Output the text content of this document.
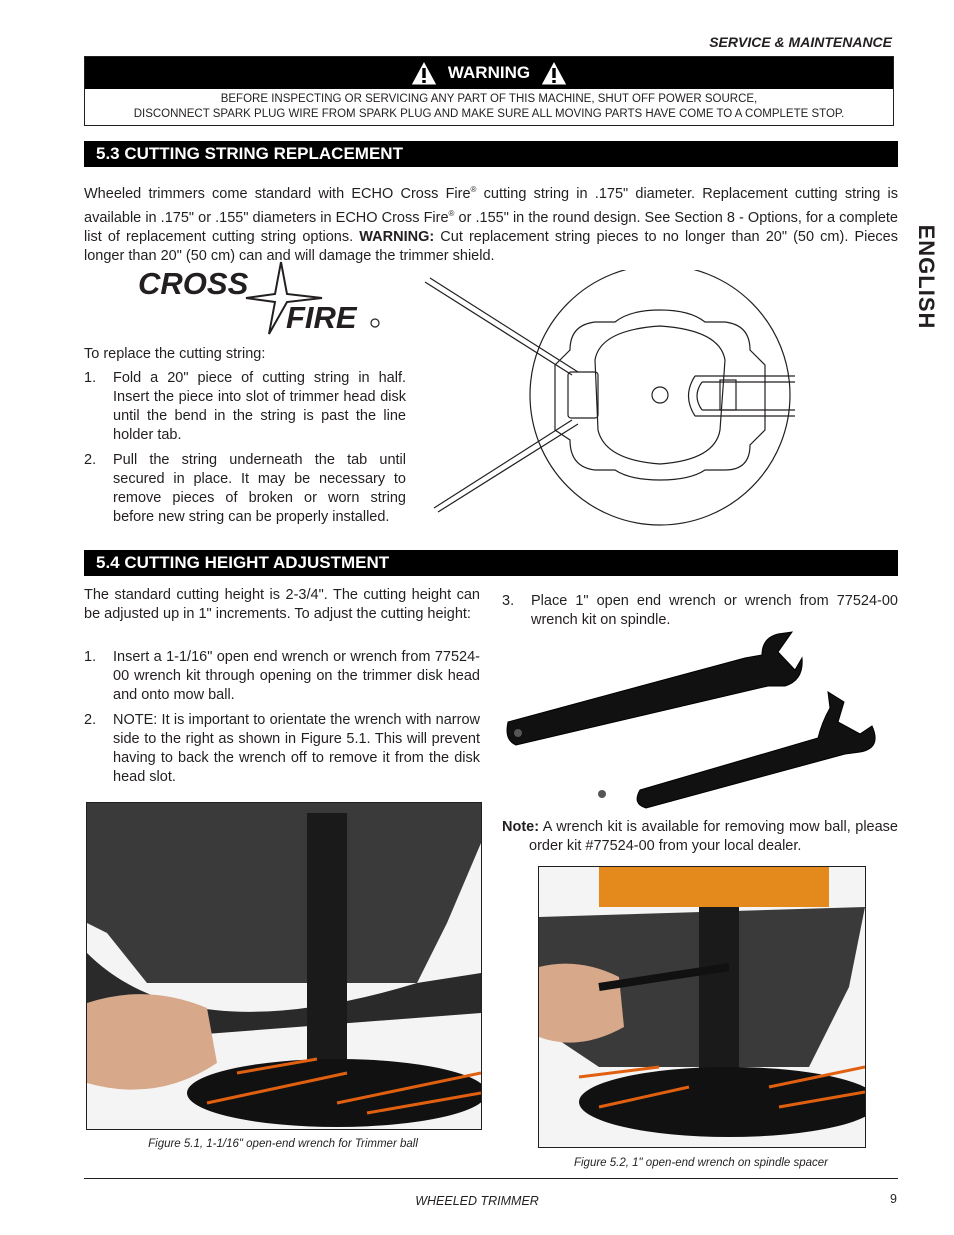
SERVICE & MAINTENANCE
WARNING
BEFORE INSPECTING OR SERVICING ANY PART OF THIS MACHINE, SHUT OFF POWER SOURCE,
DISCONNECT SPARK PLUG WIRE FROM SPARK PLUG AND MAKE SURE ALL MOVING PARTS HAVE COME TO A COMPLETE STOP.
ENGLISH
5.3 CUTTING STRING REPLACEMENT
Wheeled trimmers come standard with ECHO Cross Fire® cutting string in .175" diameter. Replacement cutting string is available in .175" or .155" diameters in ECHO Cross Fire® or .155" in the round design. See Section 8 - Options, for a complete list of replacement cutting string options. WARNING: Cut replacement string pieces to no longer than 20" (50 cm). Pieces longer than 20" (50 cm) can and will damage the trimmer shield.
CROSS
FIRE
To replace the cutting string:
1. Fold a 20" piece of cutting string in half. Insert the piece into slot of trimmer head disk until the bend in the string is past the line holder tab.
2. Pull the string underneath the tab until secured in place. It may be necessary to remove pieces of broken or worn string before new string can be properly installed.
5.4 CUTTING HEIGHT ADJUSTMENT
The standard cutting height is 2-3/4". The cutting height can be adjusted up in 1" increments. To adjust the cutting height:
1. Insert a 1-1/16" open end wrench or wrench from 77524-00 wrench kit through opening on the trimmer disk head and onto mow ball.
2. NOTE: It is important to orientate the wrench with narrow side to the right as shown in Figure 5.1. This will prevent having to back the wrench off to remove it from the disk head slot.
3. Place 1" open end wrench or wrench from 77524-00 wrench kit on spindle.
Note: A wrench kit is available for removing mow ball, please order kit #77524-00 from your local dealer.
Figure 5.1, 1-1/16" open-end wrench for Trimmer ball
Figure 5.2, 1" open-end wrench on spindle spacer
WHEELED TRIMMER	9
